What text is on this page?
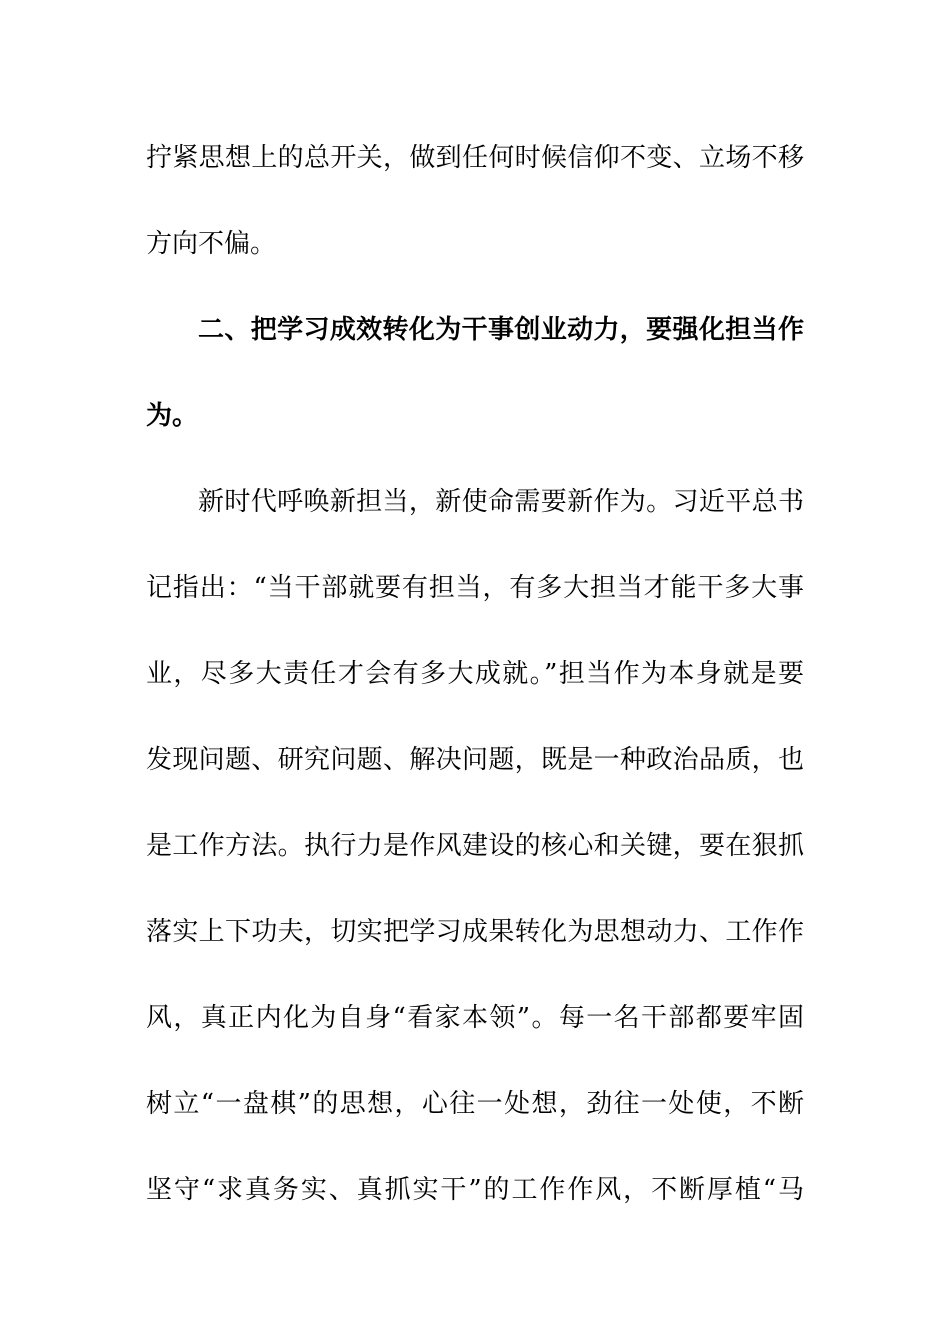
拧紧思想上的总开关，做到任何时候信仰不变、立场不移
方向不偏。
二、把学习成效转化为干事创业动力，要强化担当作
为。
新时代呼唤新担当，新使命需要新作为。习近平总书
记指出：“当干部就要有担当，有多大担当才能干多大事
业，尽多大责任才会有多大成就。”担当作为本身就是要
发现问题、研究问题、解决问题，既是一种政治品质，也
是工作方法。执行力是作风建设的核心和关键，要在狠抓
落实上下功夫，切实把学习成果转化为思想动力、工作作
风，真正内化为自身“看家本领”。每一名干部都要牢固
树立“一盘棋”的思想，心往一处想，劲往一处使，不断
坚守“求真务实、真抓实干”的工作作风，不断厚植“马
